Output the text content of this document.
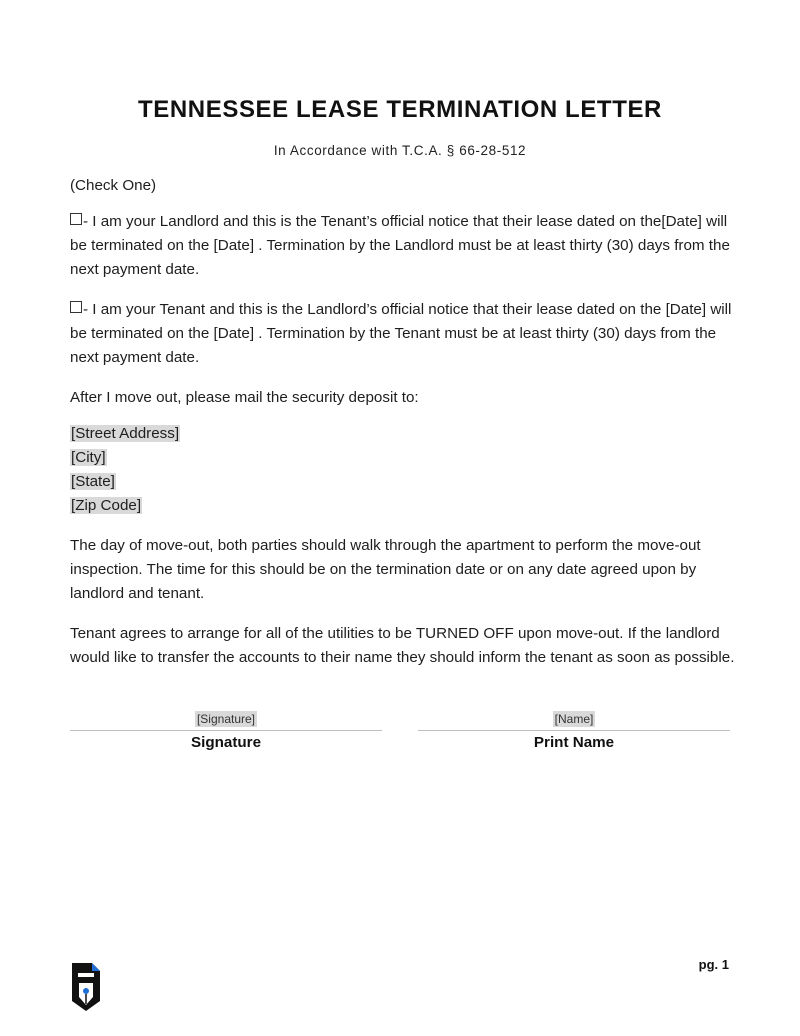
TENNESSEE LEASE TERMINATION LETTER
In Accordance with T.C.A. § 66-28-512
(Check One)
- I am your Landlord and this is the Tenant’s official notice that their lease dated on the[Date] will be terminated on the [Date] . Termination by the Landlord must be at least thirty (30) days from the next payment date.
- I am your Tenant and this is the Landlord’s official notice that their lease dated on the [Date] will be terminated on the [Date] . Termination by the Tenant must be at least thirty (30) days from the next payment date.
After I move out, please mail the security deposit to:
[Street Address]
[City]
[State]
[Zip Code]
The day of move-out, both parties should walk through the apartment to perform the move-out inspection. The time for this should be on the termination date or on any date agreed upon by landlord and tenant.
Tenant agrees to arrange for all of the utilities to be TURNED OFF upon move-out. If the landlord would like to transfer the accounts to their name they should inform the tenant as soon as possible.
[Signature]
Signature
[Name]
Print Name
pg. 1
